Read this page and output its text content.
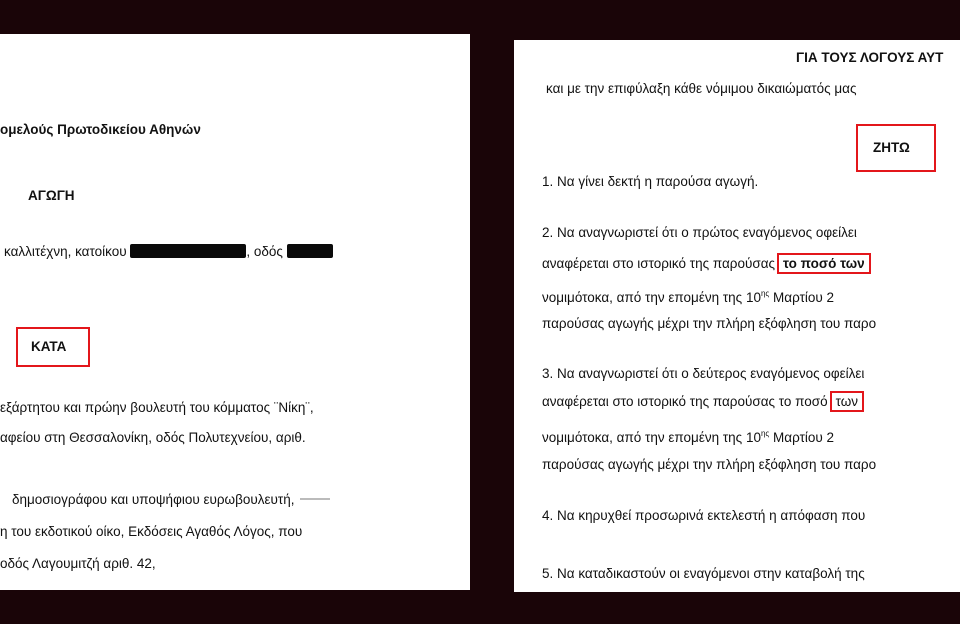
ομελούς Πρωτοδικείου Αθηνών
ΑΓΩΓΗ
καλλιτέχνη, κατοίκου	, οδός
ΚΑΤΑ
εξάρτητου και πρώην βουλευτή του κόμματος ¨Νίκη¨,
αφείου στη Θεσσαλονίκη, οδός Πολυτεχνείου, αριθ.
δημοσιογράφου και υποψήφιου ευρωβουλευτή,
η του εκδοτικού οίκο, Εκδόσεις Αγαθός Λόγος, που
οδός Λαγουμιτζή αριθ. 42,
ΓΙΑ ΤΟΥΣ ΛΟΓΟΥΣ ΑΥΤ
και με την επιφύλαξη κάθε νόμιμου δικαιώματός μας
ΖΗΤΩ
1. Να γίνει δεκτή η παρούσα αγωγή.
2. Να αναγνωριστεί ότι ο πρώτος εναγόμενος οφείλει
αναφέρεται στο ιστορικό της παρούσας το ποσό των
νομιμότοκα, από την επομένη της $10^{\eta\varsigma}$ Μαρτίου 2
παρούσας αγωγής μέχρι την πλήρη εξόφληση του παρο
3. Να αναγνωριστεί ότι ο δεύτερος εναγόμενος οφείλει
αναφέρεται στο ιστορικό της παρούσας το ποσό των
νομιμότοκα, από την επομένη της $10^{\eta\varsigma}$ Μαρτίου 2
παρούσας αγωγής μέχρι την πλήρη εξόφληση του παρο
4. Να κηρυχθεί προσωρινά εκτελεστή η απόφαση που
5. Να καταδικαστούν οι εναγόμενοι στην καταβολή της
